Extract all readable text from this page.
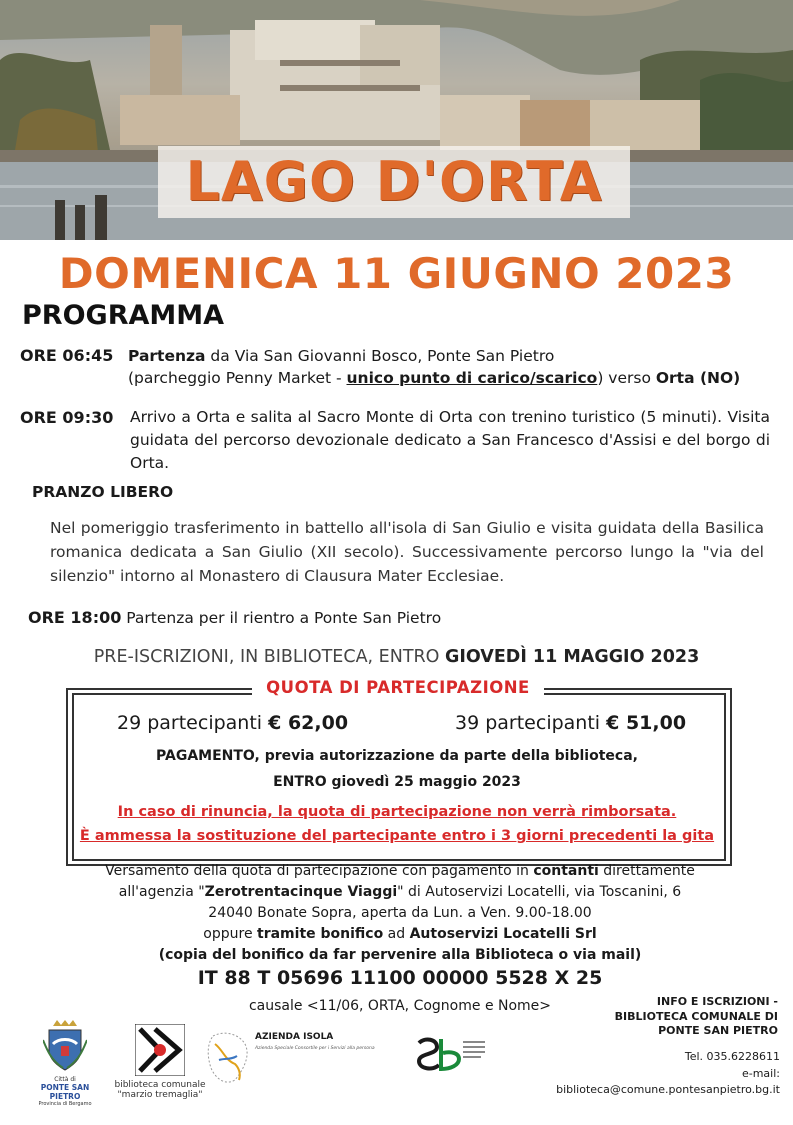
LAGO D'ORTA
DOMENICA 11 GIUGNO 2023
PROGRAMMA
ORE 06:45 Partenza da Via San Giovanni Bosco, Ponte San Pietro
(parcheggio Penny Market - unico punto di carico/scarico) verso Orta (NO)
ORE 09:30 Arrivo a Orta e salita al Sacro Monte di Orta con trenino turistico (5 minuti). Visita guidata del percorso devozionale dedicato a San Francesco d'Assisi e del borgo di Orta.
PRANZO LIBERO
Nel pomeriggio trasferimento in battello all'isola di San Giulio e visita guidata della Basilica romanica dedicata a San Giulio (XII secolo). Successivamente percorso lungo la "via del silenzio" intorno al Monastero di Clausura Mater Ecclesiae.
ORE 18:00 Partenza per il rientro a Ponte San Pietro
PRE-ISCRIZIONI, IN BIBLIOTECA, ENTRO GIOVEDÌ 11 MAGGIO 2023
QUOTA DI PARTECIPAZIONE
29 partecipanti € 62,00	39 partecipanti € 51,00
PAGAMENTO, previa autorizzazione da parte della biblioteca,
ENTRO giovedì 25 maggio 2023
In caso di rinuncia, la quota di partecipazione non verrà rimborsata.
È ammessa la sostituzione del partecipante entro i 3 giorni precedenti la gita
Versamento della quota di partecipazione con pagamento in contanti direttamente
all'agenzia "Zerotrentacinque Viaggi" di Autoservizi Locatelli, via Toscanini, 6
24040 Bonate Sopra, aperta da Lun. a Ven. 9.00-18.00
oppure tramite bonifico ad Autoservizi Locatelli Srl
(copia del bonifico da far pervenire alla Biblioteca o via mail)
IT 88 T 05696 11100 00000 5528 X 25
causale <11/06, ORTA, Cognome e Nome>	INFO E ISCRIZIONI -
BIBLIOTECA COMUNALE DI
PONTE SAN PIETRO
Tel. 035.6228611
e-mail:
biblioteca@comune.pontesanpietro.bg.it
Città di
PONTE SAN PIETRO
Provincia di Bergamo
biblioteca comunale
"marzio tremaglia"
AZIENDA ISOLA
Azienda Speciale Consortile per i Servizi alla persona
